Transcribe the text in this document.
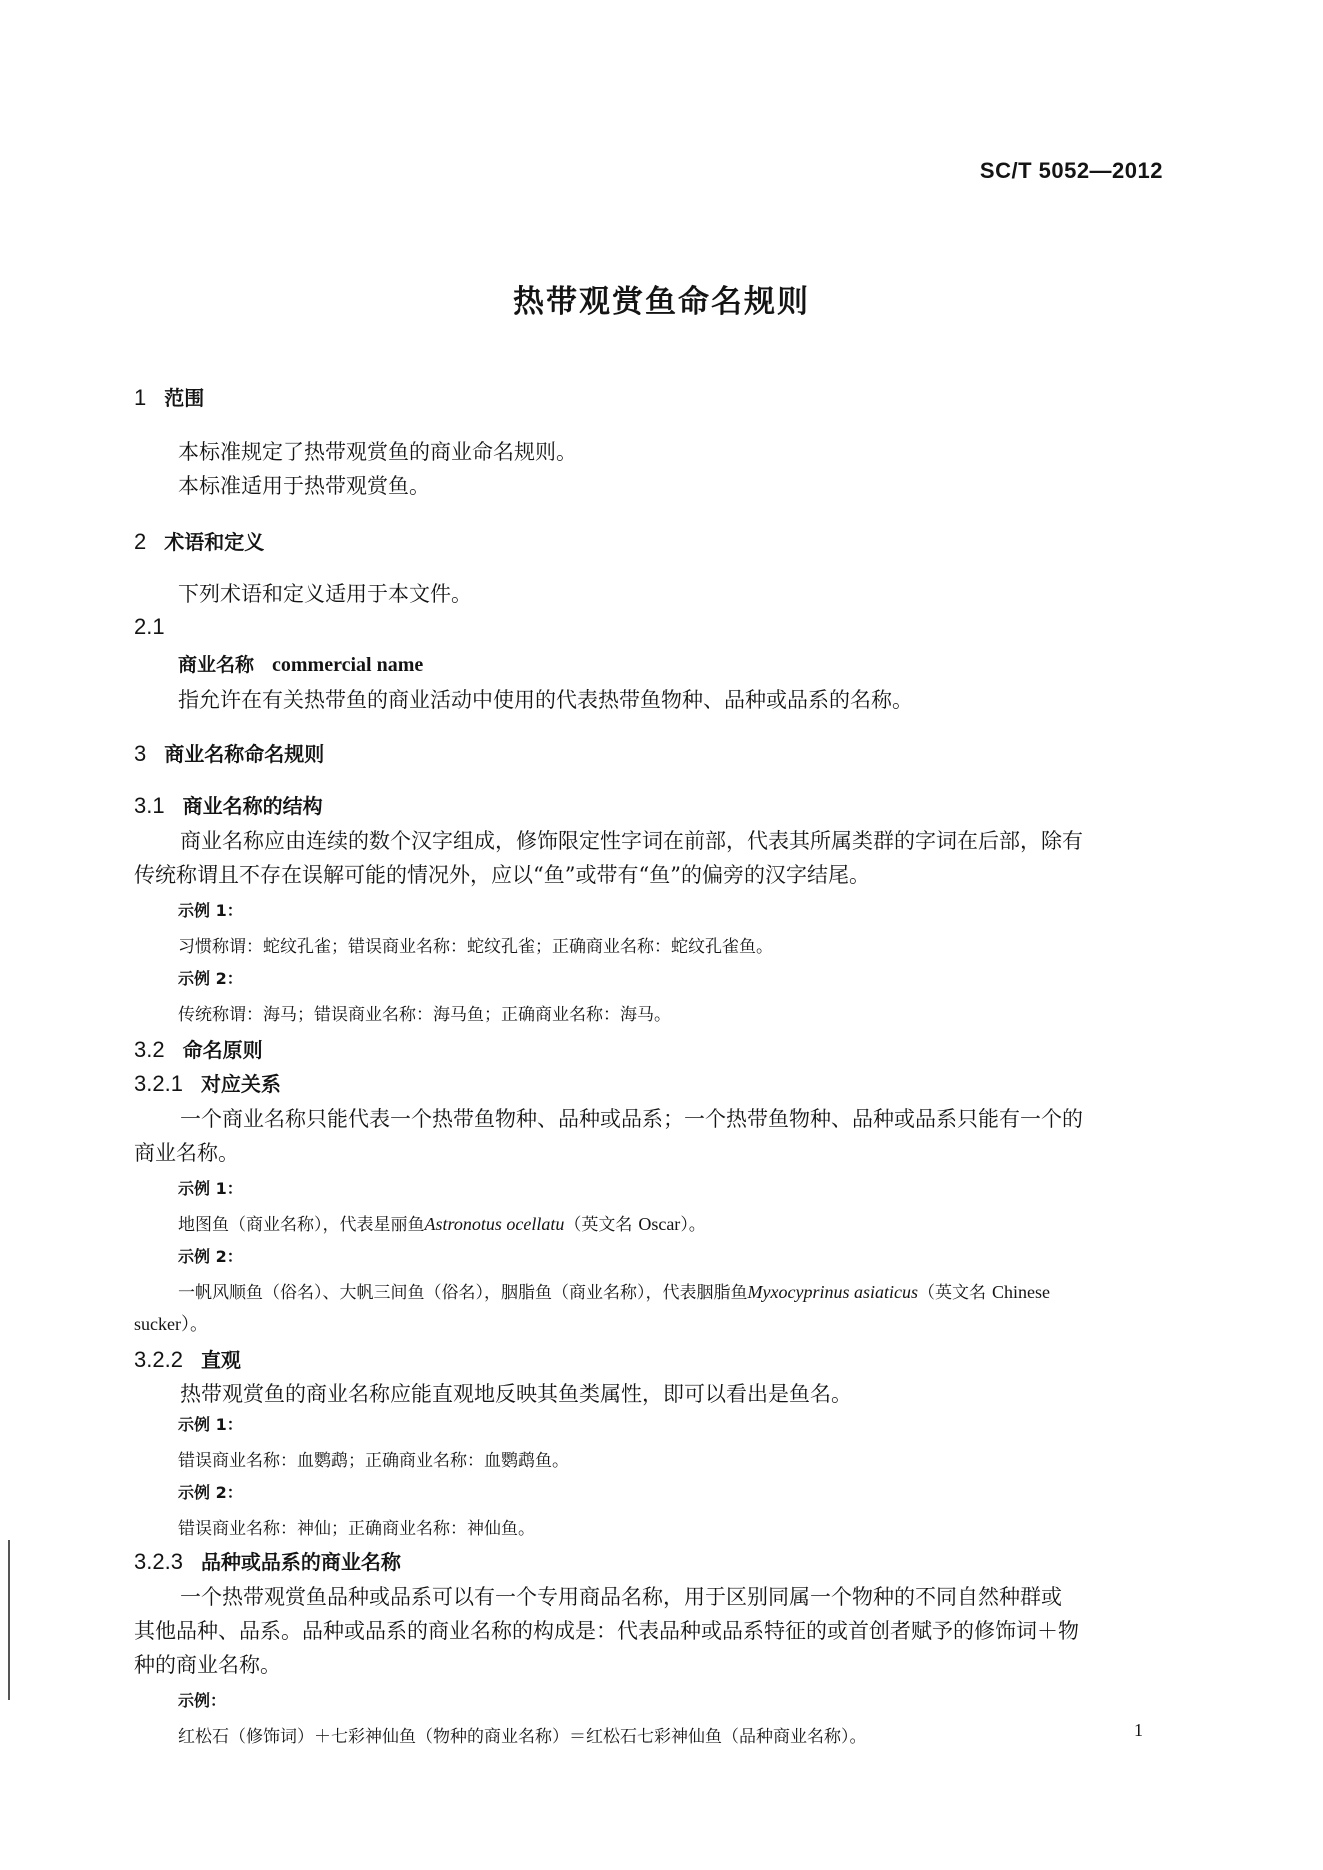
SC/T 5052—2012
热带观赏鱼命名规则
1 范围
本标准规定了热带观赏鱼的商业命名规则。
本标准适用于热带观赏鱼。
2 术语和定义
下列术语和定义适用于本文件。
2.1
商业名称 commercial name
指允许在有关热带鱼的商业活动中使用的代表热带鱼物种、品种或品系的名称。
3 商业名称命名规则
3.1 商业名称的结构
商业名称应由连续的数个汉字组成，修饰限定性字词在前部，代表其所属类群的字词在后部，除有
传统称谓且不存在误解可能的情况外，应以“鱼”或带有“鱼”的偏旁的汉字结尾。
示例 1：
习惯称谓：蛇纹孔雀；错误商业名称：蛇纹孔雀；正确商业名称：蛇纹孔雀鱼。
示例 2：
传统称谓：海马；错误商业名称：海马鱼；正确商业名称：海马。
3.2 命名原则
3.2.1 对应关系
一个商业名称只能代表一个热带鱼物种、品种或品系；一个热带鱼物种、品种或品系只能有一个的
商业名称。
示例 1：
地图鱼（商业名称），代表星丽鱼Astronotus ocellatu（英文名 Oscar）。
示例 2：
一帆风顺鱼（俗名）、大帆三间鱼（俗名），胭脂鱼（商业名称），代表胭脂鱼Myxocyprinus asiaticus（英文名 Chinese
sucker）。
3.2.2 直观
热带观赏鱼的商业名称应能直观地反映其鱼类属性，即可以看出是鱼名。
示例 1：
错误商业名称：血鹦鹉；正确商业名称：血鹦鹉鱼。
示例 2：
错误商业名称：神仙；正确商业名称：神仙鱼。
3.2.3 品种或品系的商业名称
一个热带观赏鱼品种或品系可以有一个专用商品名称，用于区别同属一个物种的不同自然种群或
其他品种、品系。品种或品系的商业名称的构成是：代表品种或品系特征的或首创者赋予的修饰词＋物
种的商业名称。
示例：
红松石（修饰词）＋七彩神仙鱼（物种的商业名称）＝红松石七彩神仙鱼（品种商业名称）。	1
